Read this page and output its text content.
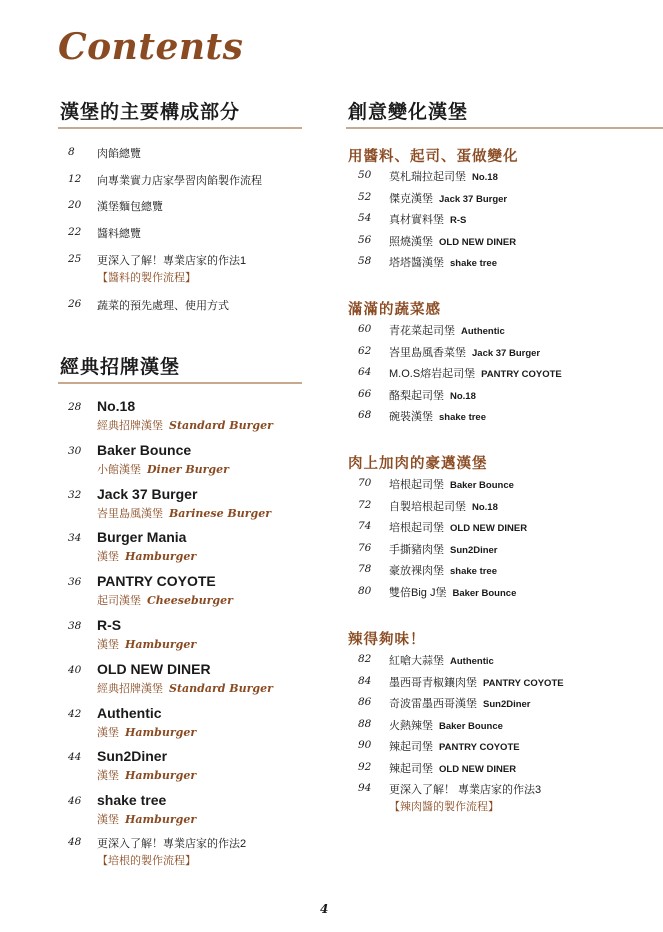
Contents
漢堡的主要構成部分
8 肉餡總覽
12 向專業實力店家學習肉餡製作流程
20 漢堡麵包總覽
22 醬料總覽
25 更深入了解！專業店家的作法1
【醬料的製作流程】
26 蔬菜的預先處理、使用方式
經典招牌漢堡
28 No.18
經典招牌漢堡 Standard Burger
30 Baker Bounce
小館漢堡 Diner Burger
32 Jack 37 Burger
峇里島風漢堡 Barinese Burger
34 Burger Mania
漢堡 Hamburger
36 PANTRY COYOTE
起司漢堡 Cheeseburger
38 R-S
漢堡 Hamburger
40 OLD NEW DINER
經典招牌漢堡 Standard Burger
42 Authentic
漢堡 Hamburger
44 Sun2Diner
漢堡 Hamburger
46 shake tree
漢堡 Hamburger
48 更深入了解！專業店家的作法2
【培根的製作流程】
創意變化漢堡
用醬料、起司、蛋做變化
50 莫札瑞拉起司堡 No.18
52 傑克漢堡 Jack 37 Burger
54 真材實料堡 R-S
56 照燒漢堡 OLD NEW DINER
58 塔塔醬漢堡 shake tree
滿滿的蔬菜感
60 青花菜起司堡 Authentic
62 峇里島風香菜堡 Jack 37 Burger
64 M.O.S熔岩起司堡 PANTRY COYOTE
66 酪梨起司堡 No.18
68 碗裝漢堡 shake tree
肉上加肉的豪邁漢堡
70 培根起司堡 Baker Bounce
72 自製培根起司堡 No.18
74 培根起司堡 OLD NEW DINER
76 手撕豬肉堡 Sun2Diner
78 豪放裸肉堡 shake tree
80 雙倍Big J堡 Baker Bounce
辣得夠味！
82 紅嗆大蒜堡 Authentic
84 墨西哥青椒鑲肉堡 PANTRY COYOTE
86 奇波雷墨西哥漢堡 Sun2Diner
88 火熱辣堡 Baker Bounce
90 辣起司堡 PANTRY COYOTE
92 辣起司堡 OLD NEW DINER
94 更深入了解！ 專業店家的作法3
【辣肉醬的製作流程】
4
